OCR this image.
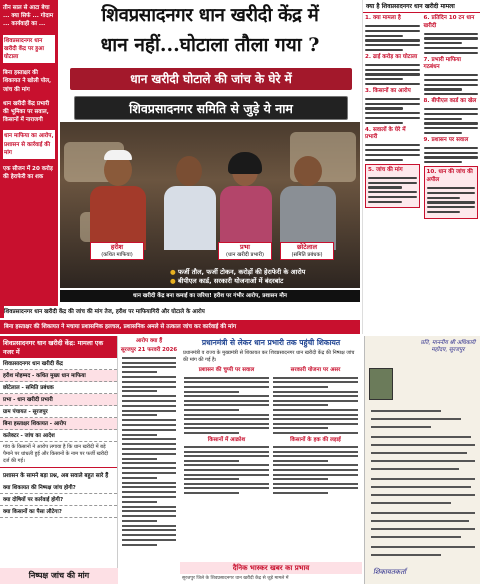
तीन साल से आटा बेचा ... क्या सिर्फ ... गोदाम ... कार्यवाही का ...

शिवप्रसादनगर धान खरीदी केंद्र पर हुआ घोटाला

बिना हस्ताक्षर की शिकायत ने खोली पोल, जांच की मांग

धान खरीदी केंद्र प्रभारी की भूमिका पर सवाल, किसानों में नाराजगी

धान माफिया का आरोप, प्रशासन से कार्रवाई की मांग

एक सीजन में 20 करोड़ की हेराफेरी का शक

शिवप्रसादनगर धान खरीदी केंद्र में
धान नहीं...घोटाला तौला गया ?
धान खरीदी घोटाले की जांच के घेरे में
शिवप्रसादनगर समिति से जुड़े ये नाम
हरीश
(कथित माफिया)
प्रभा
(धान खरीदी प्रभारी)
छोटेलाल
(समिति प्रबंधक)
● फर्जी तौल, फर्जी टोकन, करोड़ों की हेराफेरी के आरोप
● बीपीएल कार्ड, सरकारी योजनाओं में बंदरबांट
धान खरीदी केंद्र बना कमाई का जरिया! हरीश पर गंभीर आरोप, प्रशासन मौन
शिवप्रसादनगर धान खरीदी केंद्र की जांच की मांग तेज, हरीश पर माफियागिरी और घोटाले के आरोप
बिना हस्ताक्षर की शिकायत ने मचाया प्रशासनिक हलचल, प्रशासनिक अमले से तत्काल जांच कर कार्रवाई की मांग
क्या है शिवप्रसादनगर धान खरीदी मामला
1. क्या मामला है
2. ढाई करोड़ का घोटाला
3. किसानों का आरोप
4. सवालों के घेरे में प्रभारी
5. जांच की मांग
6. प्रतिदिन 10 टन धान खरीदी
7. प्रभारी माफिया गठबंधन
8. बीपीएल कार्ड का खेल
9. प्रशासन पर सवाल
10. धान की जांच की अपील
शिवप्रसादनगर धान खरीदी केंद्र: मामला एक नजर में
शिवप्रसादनगर धान खरीदी केंद्र
हरीश मोहम्मद - कथित मुख्य धान माफिया
छोटेलाल - समिति प्रबंधक
प्रभा - धान खरीदी प्रभारी
ग्राम पंचायत - सूरजपुर
बिना हस्ताक्षर शिकायत - आरोप
कलेक्टर - जांच का आदेश
गांव के किसानों ने आरोप लगाया है कि धान खरीदी में बड़े पैमाने पर धांधली हुई और किसानों के नाम पर फर्जी खरीदी दर्ज की गई।
प्रशासन के सामने बड़ा प्रश्न, अब सवाले बहुत सारे हैं
क्या शिकायत की निष्पक्ष जांच होगी?
क्या दोषियों पर कार्रवाई होगी?
क्या किसानों का पैसा लौटेगा?
निष्पक्ष जांच की मांग
आरोप क्या हैं
सूरजपुर 21 फरवरी 2026
प्रधानमंत्री से लेकर धान प्रभारी तक पहुंची शिकायत
प्रधानमंत्री व राज्य के मुख्यमंत्री से शिकायत कर शिवप्रसादनगर धान खरीदी केंद्र की निष्पक्ष जांच की मांग की गई है।
प्रशासन की चुप्पी पर सवाल
किसानों में आक्रोश
सरकारी योजना पर असर
किसानों के हक की लड़ाई
दैनिक भास्कर खबर का प्रभाव
सूरजपुर जिले के शिवप्रसादनगर धान खरीदी केंद्र से जुड़े मामले में
प्रति, माननीय श्री अधिकारी महोदय, सूरजपुर
शिकायतकर्ता
